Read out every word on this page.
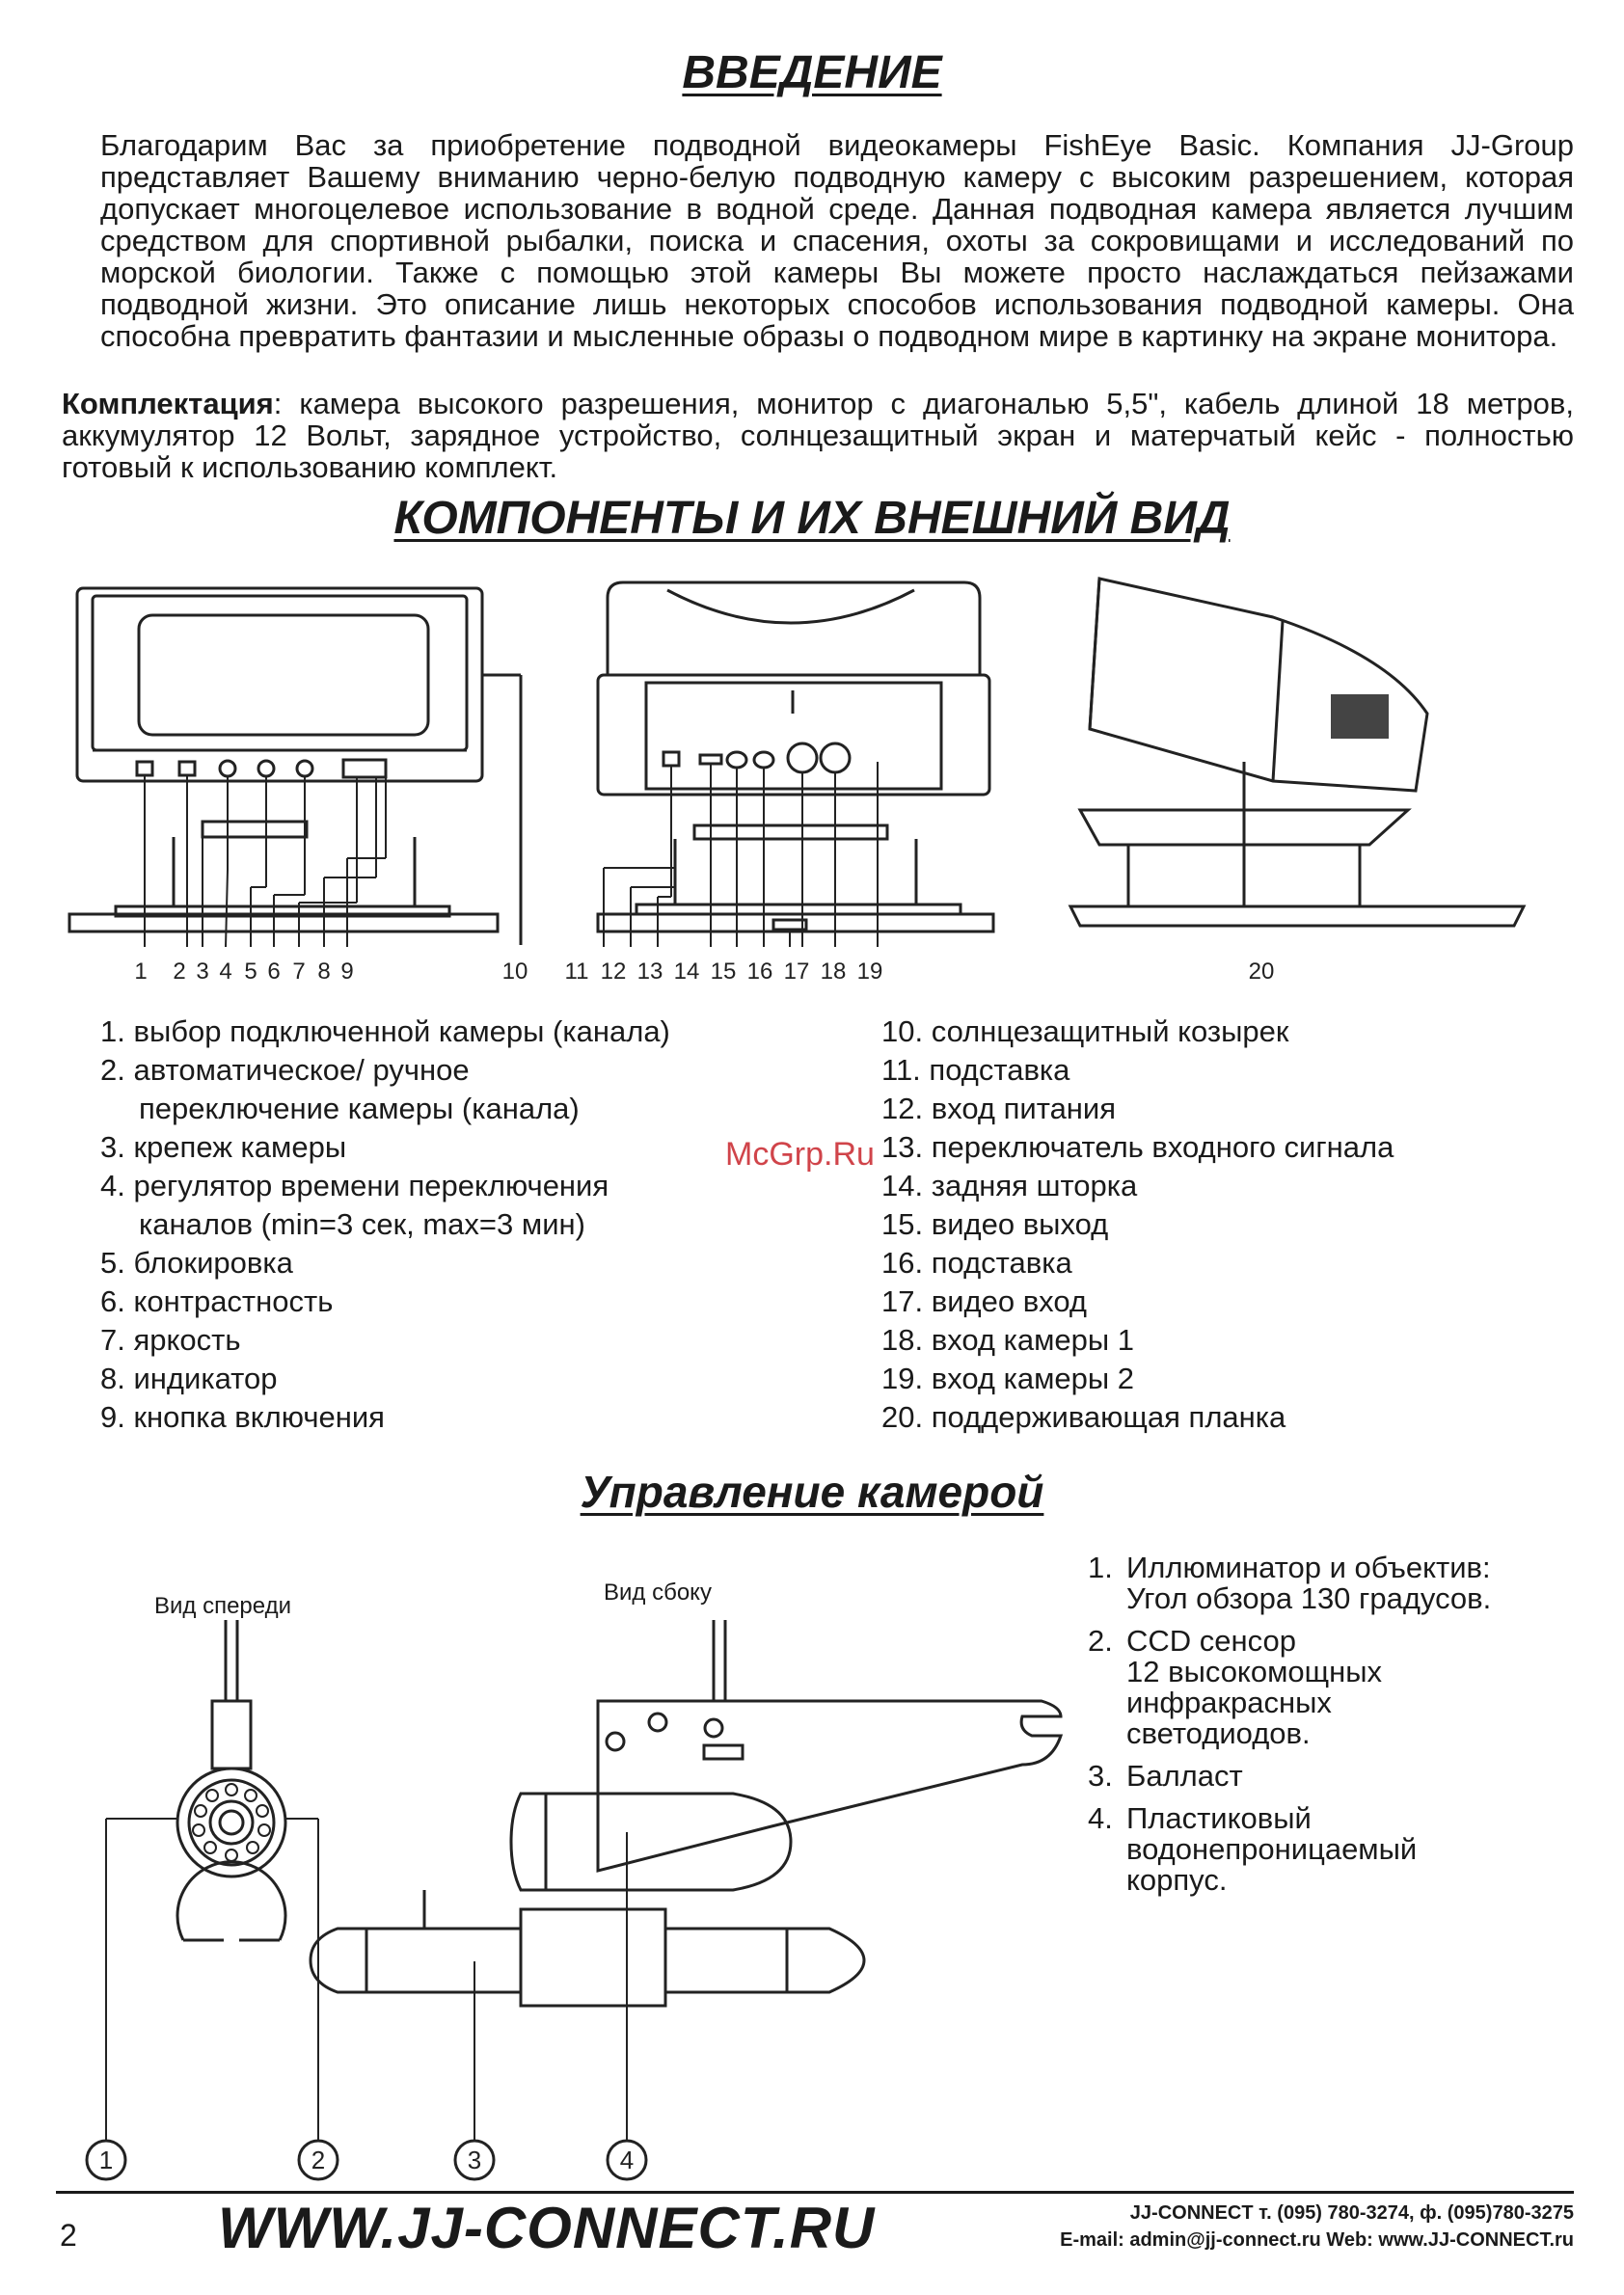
ВВЕДЕНИЕ
Благодарим Вас за приобретение подводной видеокамеры FishEye Basic. Компания JJ-Group представляет Вашему вниманию черно-белую подводную камеру с высоким разрешением, которая допускает многоцелевое использование в водной среде. Данная подводная камера является лучшим средством для спортивной рыбалки, поиска и спасения, охоты за сокровищами и исследований по морской биологии. Также с помощью этой камеры Вы можете просто наслаждаться пейзажами подводной жизни. Это описание лишь некоторых способов использования подводной камеры. Она способна превратить фантазии и мысленные образы о подводном мире в картинку на экране монитора.
Комплектация: камера высокого разрешения, монитор с диагональю 5,5", кабель длиной 18 метров, аккумулятор 12 Вольт, зарядное устройство, солнцезащитный экран и матерчатый кейс - полностью готовый к использованию комплект.
КОМПОНЕНТЫ И ИХ ВНЕШНИЙ ВИД
1 2 3 4 5 6 7 8 9	10 11 12 13 14 15 16 17 18 19	20
1. выбор подключенной камеры (канала)
2. автоматическое/ ручное
переключение камеры (канала)
3. крепеж камеры
4. регулятор времени переключения
каналов (min=3 сек, max=3 мин)
5. блокировка
6. контрастность
7. яркость
8. индикатор
9. кнопка включения
10. солнцезащитный козырек
11. подставка
12. вход питания
13. переключатель входного сигнала
14. задняя шторка
15. видео выход
16. подставка
17. видео вход
18. вход камеры 1
19. вход камеры 2
20. поддерживающая планка
McGrp.Ru
Управление камерой
Вид спереди
Вид сбоку
1	2	3	4
1. Иллюминатор и объектив:
Угол обзора 130 градусов.
2. CCD сенсор
12 высокомощных инфракрасных светодиодов.
3. Балласт
4. Пластиковый
водонепроницаемый корпус.
2 WWW.JJ-CONNECT.RU	JJ-CONNECT т. (095) 780-3274, ф. (095)780-3275
E-mail: admin@jj-connect.ru Web: www.JJ-CONNECT.ru
